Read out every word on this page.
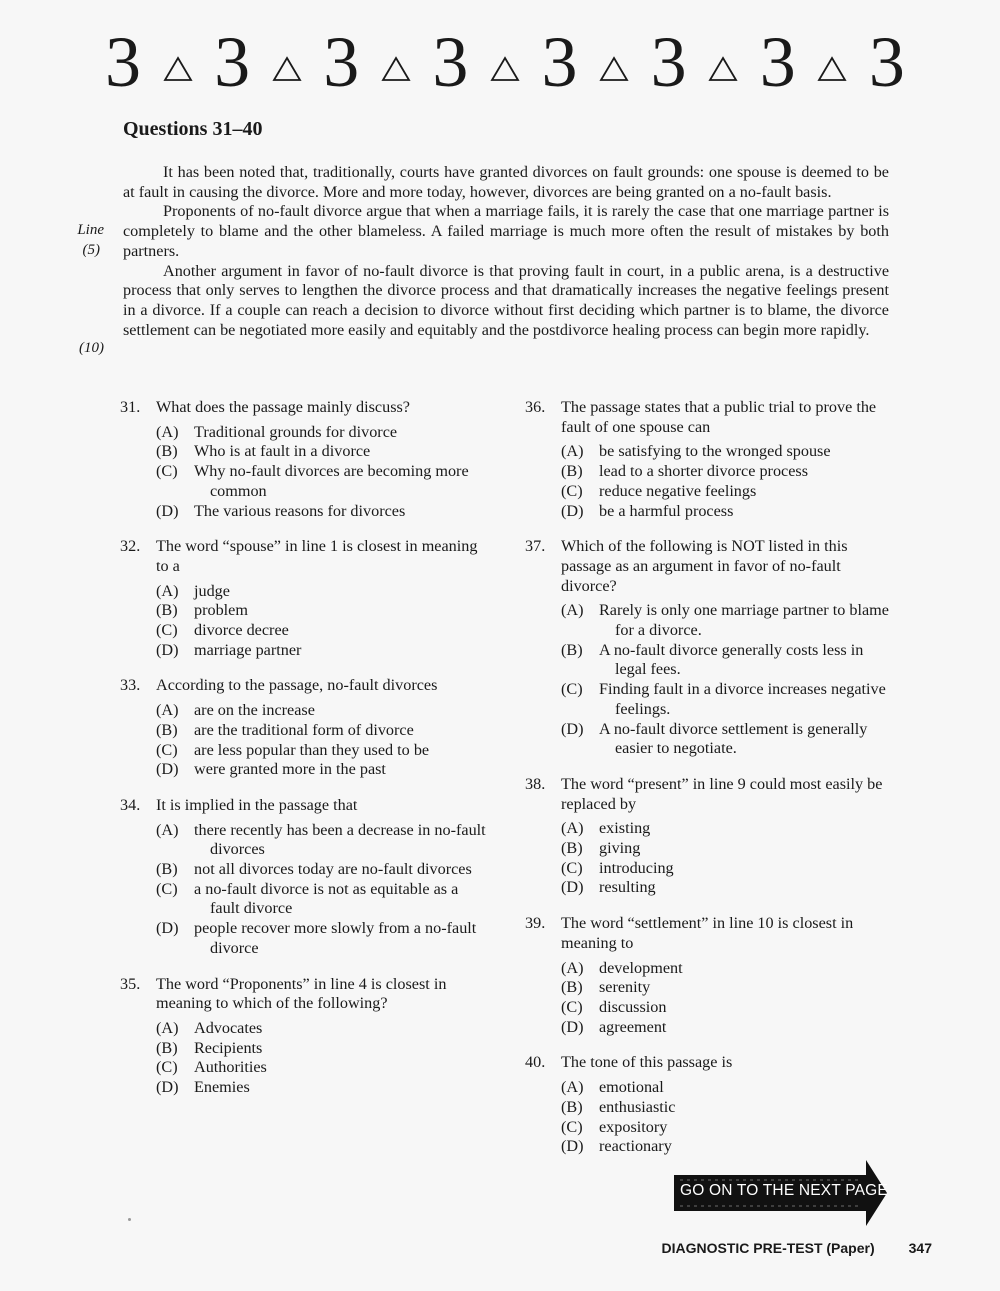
3 3 3 3 3 3 3 3
Questions 31–40
Line
(5)
(10)

It has been noted that, traditionally, courts have granted divorces on fault grounds: one spouse is deemed to be at fault in causing the divorce. More and more today, however, divorces are being granted on a no-fault basis.

Proponents of no-fault divorce argue that when a marriage fails, it is rarely the case that one marriage partner is completely to blame and the other blameless. A failed marriage is much more often the result of mistakes by both partners.

Another argument in favor of no-fault divorce is that proving fault in court, in a public arena, is a destructive process that only serves to lengthen the divorce process and that dramatically increases the negative feelings present in a divorce. If a couple can reach a decision to divorce without first deciding which partner is to blame, the divorce settlement can be negotiated more easily and equitably and the postdivorce healing process can begin more rapidly.

31. What does the passage mainly discuss?
(A) Traditional grounds for divorce
(B)	Who is at fault in a divorce
(C)	Why no-fault divorces are becoming more common
(D) The various reasons for divorces
32. The word “spouse” in line 1 is closest in meaning to a
(A) judge
(B)	problem
(C)	divorce decree
(D) marriage partner
33. According to the passage, no-fault divorces
(A) are on the increase
(B)	are the traditional form of divorce
(C)	are less popular than they used to be
(D) were granted more in the past
34. It is implied in the passage that
(A) there recently has been a decrease in no-fault divorces
(B)	not all divorces today are no-fault divorces
(C)	a no-fault divorce is not as equitable as a fault divorce
(D) people recover more slowly from a no-fault divorce
35. The word “Proponents” in line 4 is closest in meaning to which of the following?
(A) Advocates
(B)	Recipients
(C)	Authorities
(D) Enemies
36. The passage states that a public trial to prove the fault of one spouse can
(A) be satisfying to the wronged spouse
(B)	lead to a shorter divorce process
(C)	reduce negative feelings
(D) be a harmful process
37. Which of the following is NOT listed in this passage as an argument in favor of no-fault divorce?
(A) Rarely is only one marriage partner to blame for a divorce.
(B)	A no-fault divorce generally costs less in legal fees.
(C)	Finding fault in a divorce increases negative feelings.
(D) A no-fault divorce settlement is generally easier to negotiate.
38. The word “present” in line 9 could most easily be replaced by
(A) existing
(B)	giving
(C)	introducing
(D) resulting
39. The word “settlement” in line 10 is closest in meaning to
(A) development
(B)	serenity
(C)	discussion
(D) agreement
40. The tone of this passage is
(A) emotional
(B)	enthusiastic
(C)	expository
(D) reactionary
GO ON TO THE NEXT PAGE
DIAGNOSTIC PRE-TEST (Paper) 347
